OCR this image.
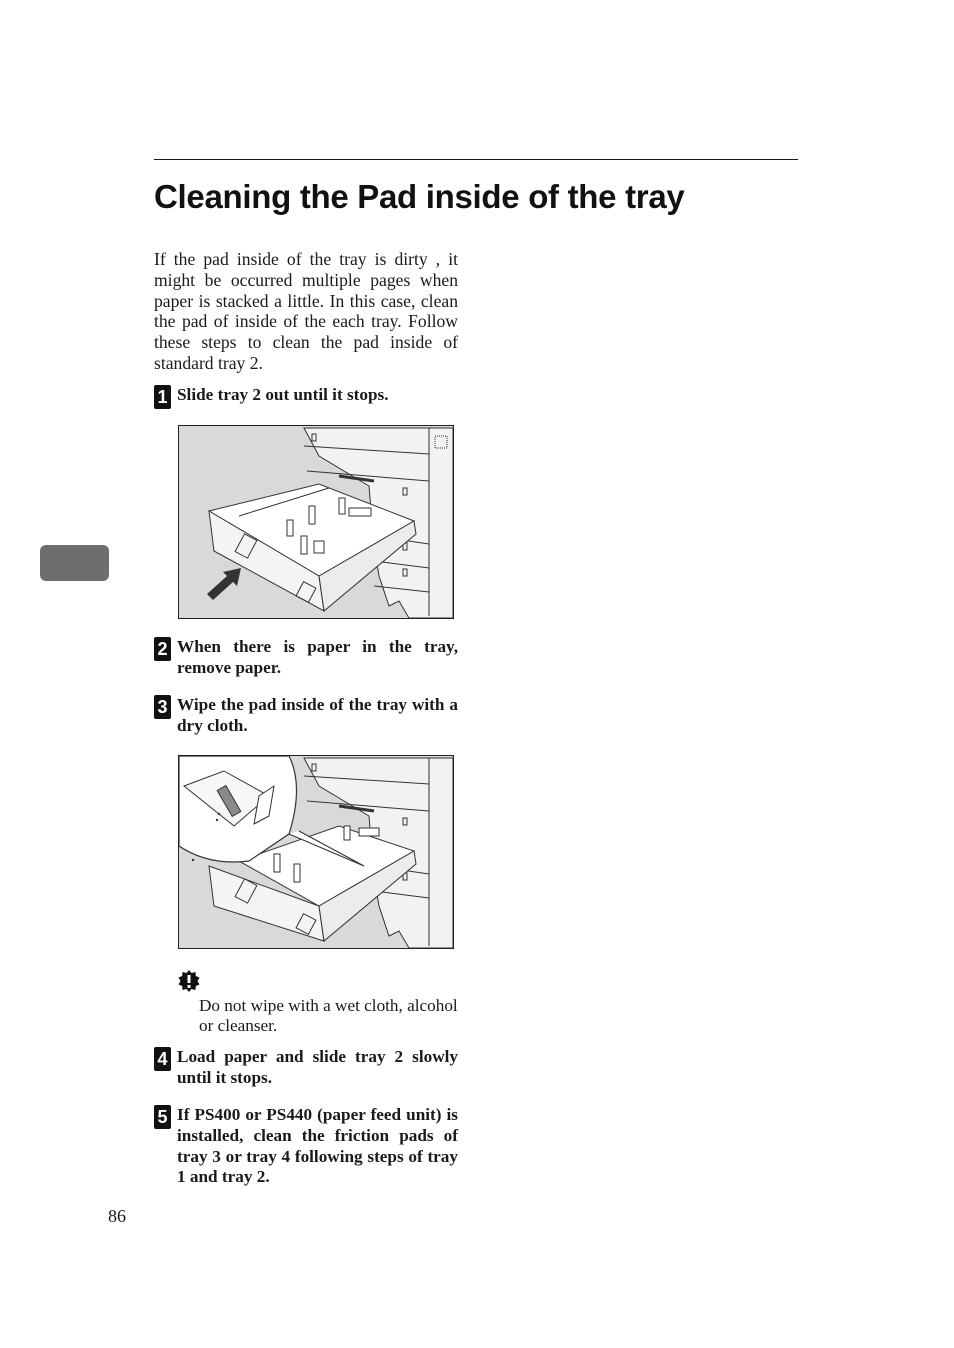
Cleaning the Pad inside of the tray

If the pad inside of the tray is dirty , it might be occurred multiple pages when paper is stacked a little. In this case, clean the pad of inside of the each tray. Follow these steps to clean the pad inside of standard tray 2.

1 Slide tray 2 out until it stops.

2 When there is paper in the tray, remove paper.

3 Wipe the pad inside of the tray with a dry cloth.

Do not wipe with a wet cloth, alcohol or cleanser.

4 Load paper and slide tray 2 slowly until it stops.

5 If PS400 or PS440 (paper feed unit) is installed, clean the friction pads of tray 3 or tray 4 following steps of tray 1 and tray 2.

86
